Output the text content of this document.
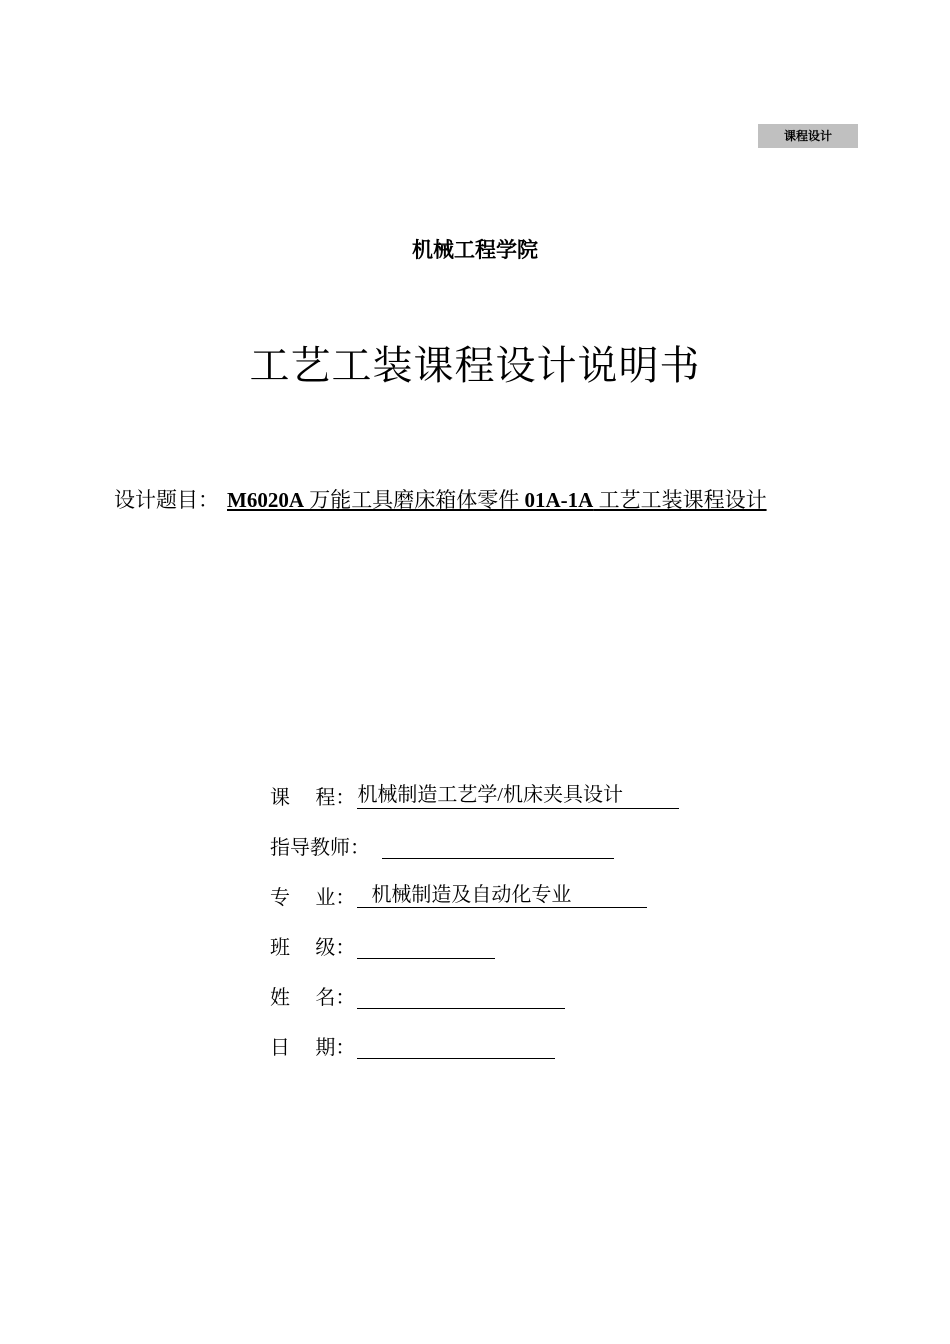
课程设计
机械工程学院
工艺工装课程设计说明书
设计题目： M6020A 万能工具磨床箱体零件 01A-1A 工艺工装课程设计
课    程： 机械制造工艺学/机床夹具设计
指导教师：
专    业： 机械制造及自动化专业
班    级：
姓    名：
日    期：
